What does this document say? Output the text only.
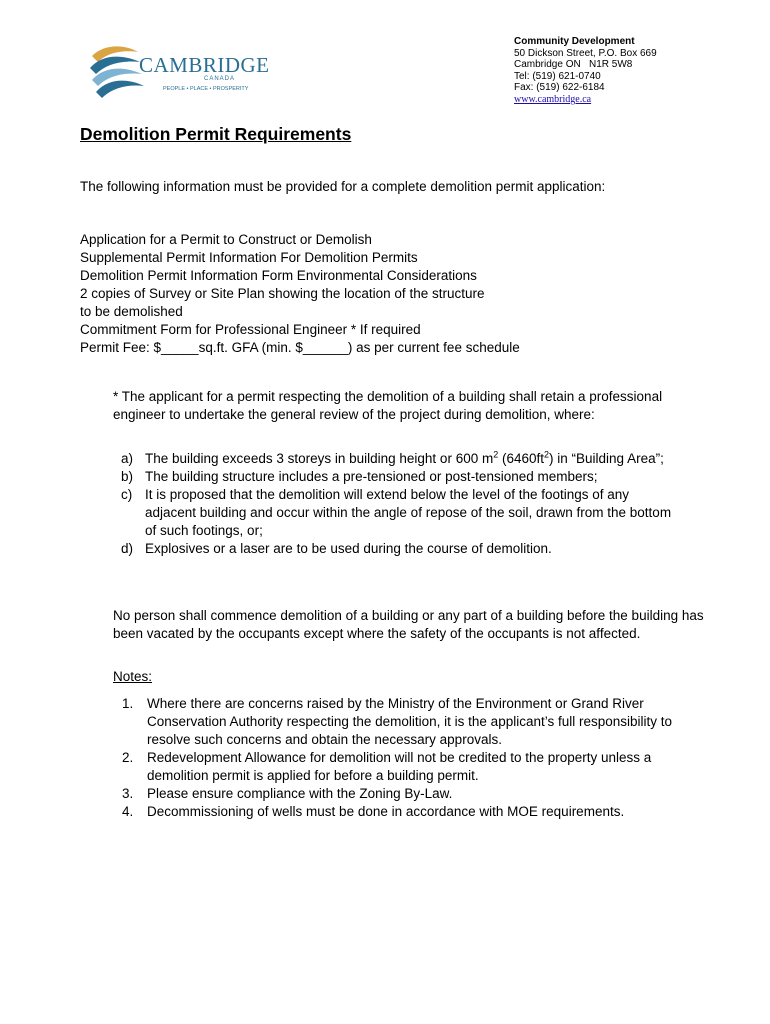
CAMBRIDGE
CANADA
PEOPLE • PLACE • PROSPERITY
Community Development
50 Dickson Street, P.O. Box 669
Cambridge ON   N1R 5W8
Tel: (519) 621-0740
Fax: (519) 622-6184
www.cambridge.ca
Demolition Permit Requirements
The following information must be provided for a complete demolition permit application:
Application for a Permit to Construct or Demolish
Supplemental Permit Information For Demolition Permits
Demolition Permit Information Form Environmental Considerations
2 copies of Survey or Site Plan showing the location of the structure
to be demolished
Commitment Form for Professional Engineer * If required
Permit Fee: $_____sq.ft. GFA (min. $______) as per current fee schedule
* The applicant for a permit respecting the demolition of a building shall retain a professional engineer to undertake the general review of the project during demolition, where:
a) The building exceeds 3 storeys in building height or 600 $m^2$ $(6460ft^2)$ in “Building Area”;
b) The building structure includes a pre-tensioned or post-tensioned members;
c) It is proposed that the demolition will extend below the level of the footings of any adjacent building and occur within the angle of repose of the soil, drawn from the bottom of such footings, or;
d) Explosives or a laser are to be used during the course of demolition.
No person shall commence demolition of a building or any part of a building before the building has been vacated by the occupants except where the safety of the occupants is not affected.
Notes:
1.	Where there are concerns raised by the Ministry of the Environment or Grand River Conservation Authority respecting the demolition, it is the applicant’s full responsibility to resolve such concerns and obtain the necessary approvals.
2.	Redevelopment Allowance for demolition will not be credited to the property unless a demolition permit is applied for before a building permit.
3.	Please ensure compliance with the Zoning By-Law.
4.	Decommissioning of wells must be done in accordance with MOE requirements.
